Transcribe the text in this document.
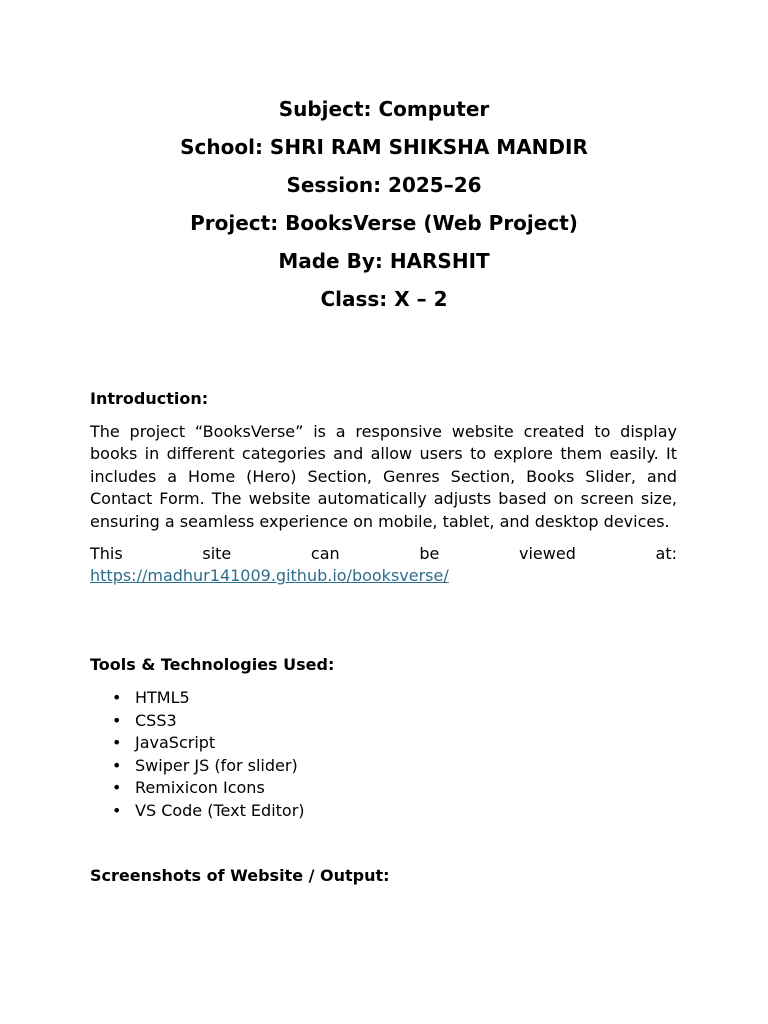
Subject: Computer
School: SHRI RAM SHIKSHA MANDIR
Session: 2025–26
Project: BooksVerse (Web Project)
Made By: HARSHIT
Class: X – 2
Introduction:

The project “BooksVerse” is a responsive website created to display books in different categories and allow users to explore them easily. It includes a Home (Hero) Section, Genres Section, Books Slider, and Contact Form. The website automatically adjusts based on screen size, ensuring a seamless experience on mobile, tablet, and desktop devices.

This site can be viewed at:

https://madhur141009.github.io/booksverse/
Tools & Technologies Used:
• HTML5
• CSS3
• JavaScript
• Swiper JS (for slider)
• Remixicon Icons
• VS Code (Text Editor)
Screenshots of Website / Output:
